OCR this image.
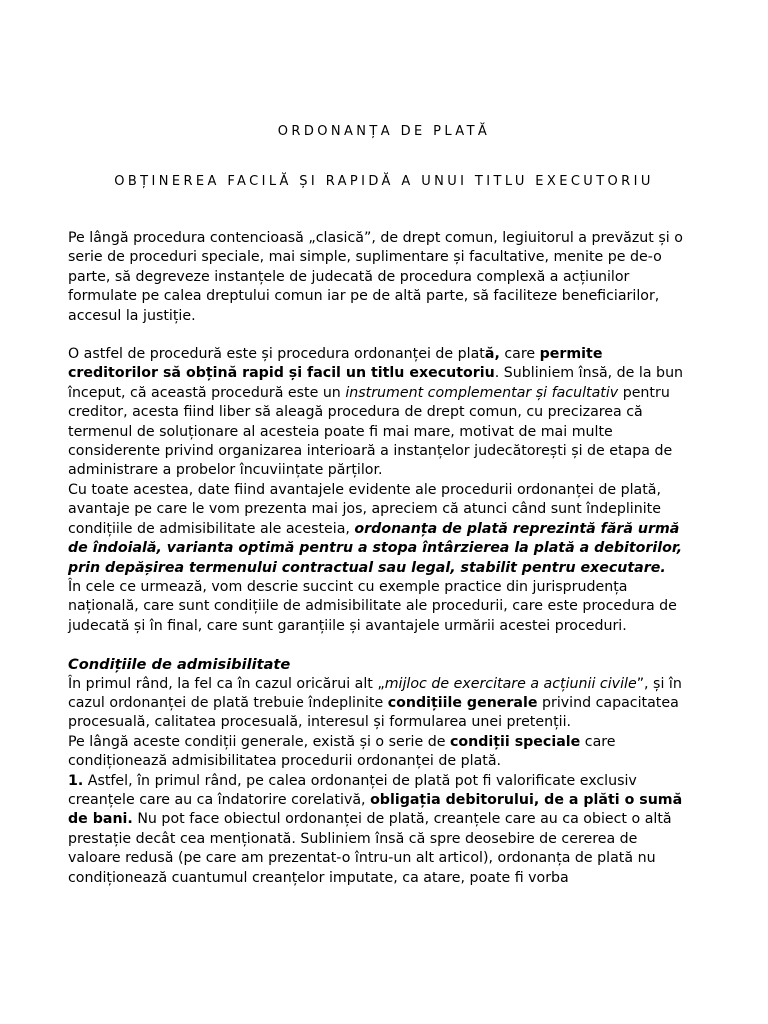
ORDONANȚA DE PLATĂ
OBȚINEREA FACILĂ ȘI RAPIDĂ A UNUI TITLU EXECUTORIU

Pe lângă procedura contencioasă „clasică”, de drept comun, legiuitorul a prevăzut și o serie de proceduri speciale, mai simple, suplimentare și facultative, menite pe de-o parte, să degreveze instanțele de judecată de procedura complexă a acțiunilor formulate pe calea dreptului comun iar pe de altă parte, să faciliteze beneficiarilor, accesul la justiție.

O astfel de procedură este și procedura ordonanței de plată, care permite creditorilor să obțină rapid și facil un titlu executoriu. Subliniem însă, de la bun început, că această procedură este un instrument complementar și facultativ pentru creditor, acesta fiind liber să aleagă procedura de drept comun, cu precizarea că termenul de soluționare al acesteia poate fi mai mare, motivat de mai multe considerente privind organizarea interioară a instanțelor judecătorești și de etapa de administrare a probelor încuviințate părților.

Cu toate acestea, date fiind avantajele evidente ale procedurii ordonanței de plată, avantaje pe care le vom prezenta mai jos, apreciem că atunci când sunt îndeplinite condițiile de admisibilitate ale acesteia, ordonanța de plată reprezintă fără urmă de îndoială, varianta optimă pentru a stopa întârzierea la plată a debitorilor, prin depășirea termenului contractual sau legal, stabilit pentru executare.

În cele ce urmează, vom descrie succint cu exemple practice din jurisprudența națională, care sunt condițiile de admisibilitate ale procedurii, care este procedura de judecată și în final, care sunt garanțiile și avantajele urmării acestei proceduri.

Condițiile de admisibilitate

În primul rând, la fel ca în cazul oricărui alt „mijloc de exercitare a acțiunii civile”, și în cazul ordonanței de plată trebuie îndeplinite condițiile generale privind capacitatea procesuală, calitatea procesuală, interesul și formularea unei pretenții.

Pe lângă aceste condiții generale, există și o serie de condiții speciale care condiționează admisibilitatea procedurii ordonanței de plată.

1. Astfel, în primul rând, pe calea ordonanței de plată pot fi valorificate exclusiv creanțele care au ca îndatorire corelativă, obligația debitorului, de a plăti o sumă de bani. Nu pot face obiectul ordonanței de plată, creanțele care au ca obiect o altă prestație decât cea menționată. Subliniem însă că spre deosebire de cererea de valoare redusă (pe care am prezentat-o întru-un alt articol), ordonanța de plată nu condiționează cuantumul creanțelor imputate, ca atare, poate fi vorba
